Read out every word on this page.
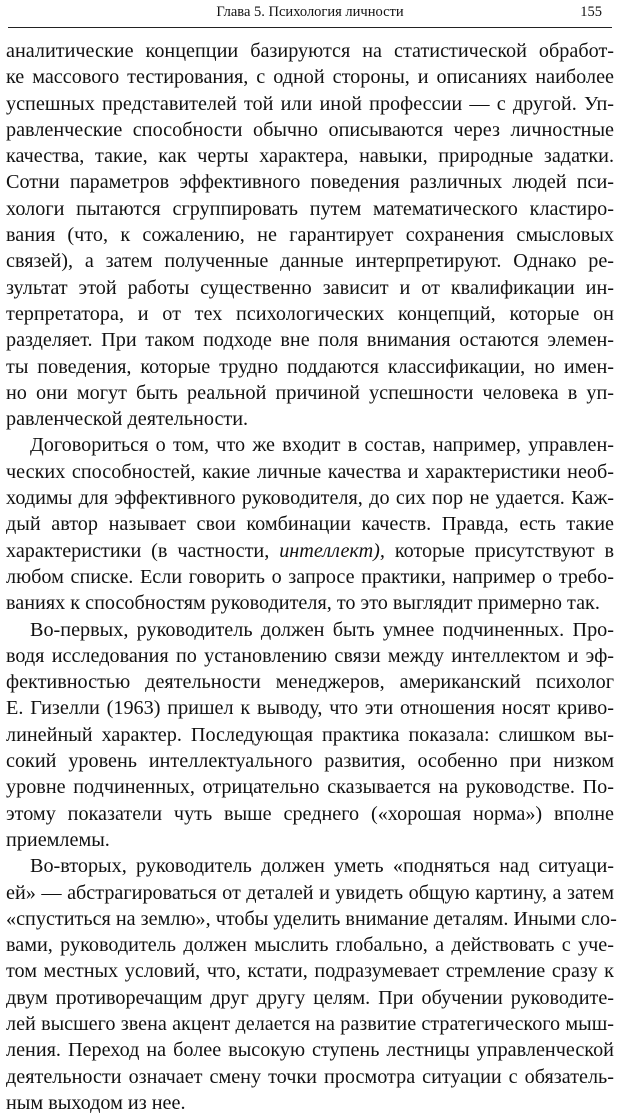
Глава 5. Психология личности	155
аналитические концепции базируются на статистической обработ-
ке массового тестирования, с одной стороны, и описаниях наиболее
успешных представителей той или иной профессии — с другой. Уп-
равленческие способности обычно описываются через личностные
качества, такие, как черты характера, навыки, природные задатки.
Сотни параметров эффективного поведения различных людей пси-
хологи пытаются сгруппировать путем математического кластиро-
вания (что, к сожалению, не гарантирует сохранения смысловых
связей), а затем полученные данные интерпретируют. Однако ре-
зультат этой работы существенно зависит и от квалификации ин-
терпретатора, и от тех психологических концепций, которые он
разделяет. При таком подходе вне поля внимания остаются элемен-
ты поведения, которые трудно поддаются классификации, но имен-
но они могут быть реальной причиной успешности человека в уп-
равленческой деятельности.
Договориться о том, что же входит в состав, например, управлен-
ческих способностей, какие личные качества и характеристики необ-
ходимы для эффективного руководителя, до сих пор не удается. Каж-
дый автор называет свои комбинации качеств. Правда, есть такие
характеристики (в частности, интеллект), которые присутствуют в
любом списке. Если говорить о запросе практики, например о требо-
ваниях к способностям руководителя, то это выглядит примерно так.
Во-первых, руководитель должен быть умнее подчиненных. Про-
водя исследования по установлению связи между интеллектом и эф-
фективностью деятельности менеджеров, американский психолог
Е. Гизелли (1963) пришел к выводу, что эти отношения носят криво-
линейный характер. Последующая практика показала: слишком вы-
сокий уровень интеллектуального развития, особенно при низком
уровне подчиненных, отрицательно сказывается на руководстве. По-
этому показатели чуть выше среднего («хорошая норма») вполне
приемлемы.
Во-вторых, руководитель должен уметь «подняться над ситуаци-
ей» — абстрагироваться от деталей и увидеть общую картину, а затем
«спуститься на землю», чтобы уделить внимание деталям. Иными сло-
вами, руководитель должен мыслить глобально, а действовать с уче-
том местных условий, что, кстати, подразумевает стремление сразу к
двум противоречащим друг другу целям. При обучении руководите-
лей высшего звена акцент делается на развитие стратегического мыш-
ления. Переход на более высокую ступень лестницы управленческой
деятельности означает смену точки просмотра ситуации с обязатель-
ным выходом из нее.
